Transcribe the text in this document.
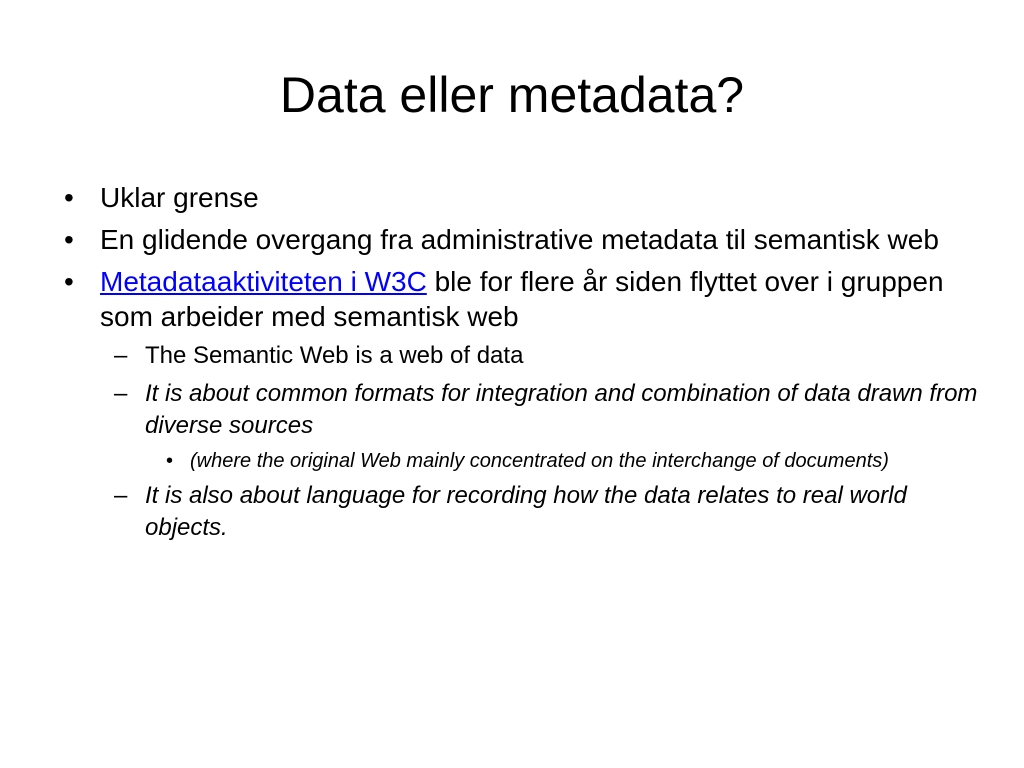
Data eller metadata?

• Uklar grense

• En glidende overgang fra administrative metadata til semantisk web

• Metadataaktiviteten i W3C ble for flere år siden flyttet over i gruppen som arbeider med semantisk web

– The Semantic Web is a web of data

– It is about common formats for integration and combination of data drawn from diverse sources

• (where the original Web mainly concentrated on the interchange of documents)

– It is also about language for recording how the data relates to real world objects.
